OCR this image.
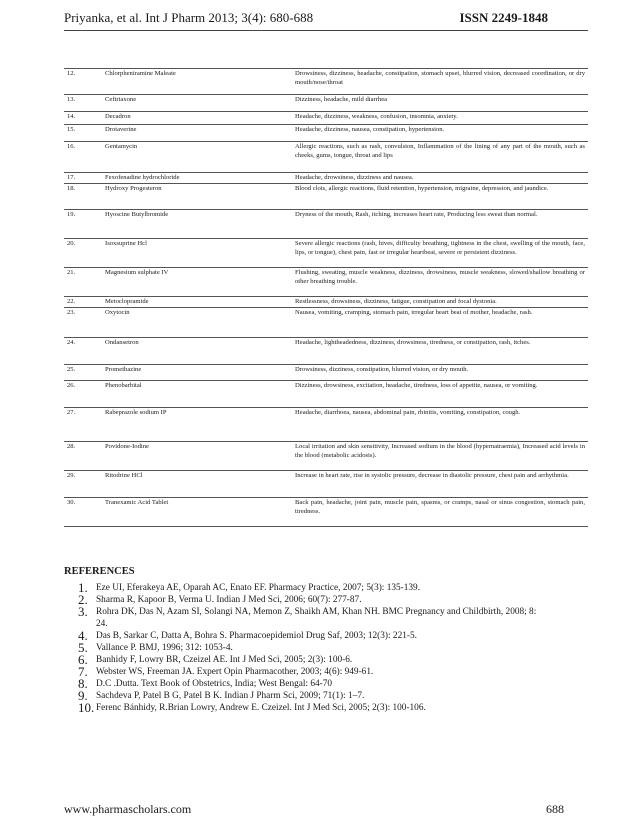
Priyanka, et al. Int J Pharm 2013; 3(4): 680-688	ISSN 2249-1848
12.	Chlorpheniramine Maleate	Drowsiness, dizziness, headache, constipation, stomach upset, blurred vision, decreased coordination, or dry mouth/nose/throat
13.	Ceftriaxone	Dizziness, headache, mild diarrhea
14.	Decadron	Headache, dizziness, weakness, confusion, insomnia, anxiety.
15.	Drotaverine	Headache, dizziness, nausea, constipation, hypertension.
16.	Gentamycin	Allergic reactions, such as rash, convulsion, Inflammation of the lining of any part of the mouth, such as cheeks, gums, tongue, throat and lips
17.	Fexofenadine hydrochloride	Headache, drowsiness, dizziness and nausea.
18.	Hydroxy Progesteron	Blood clots, allergic reactions, fluid retention, hypertension, migraine, depression, and jaundice.
19.	Hyoscine Butylbromide	Dryness of the mouth, Rash, itching, increases heart rate, Producing less sweat than normal.
20.	Isoxsuprine Hcl	Severe allergic reactions (rash, hives, difficulty breathing, tightness in the chest, swelling of the mouth, face, lips, or tongue), chest pain, fast or irregular heartbeat, severe or persistent dizziness.
21.	Magnesium sulphate IV	Flushing, sweating, muscle weakness, dizziness, drowsiness, muscle weakness, slowed/shallow breathing or other breathing trouble.
22.	Metoclopramide	Restlessness, drowsiness, dizziness, fatigue, constipation and focal dystonia.
23.	Oxytocin	Nausea, vomiting, cramping, stomach pain, irregular heart beat of mother, headache, rash.
24.	Ondansetron	Headache, lightheadedness, dizziness, drowsiness, tiredness, or constipation, rash, itches.
25.	Promethazine	Drowsiness, dizziness, constipation, blurred vision, or dry mouth.
26.	Phenobarbital	Dizziness, drowsiness, excitation, headache, tiredness, loss of appetite, nausea, or vomiting.
27.	Rabeprazole sodium IP	Headache, diarrhoea, nausea, abdominal pain, rhinitis, vomiting, constipation, cough.
28.	Povidone-Iodine	Local irritation and skin sensitivity, Increased sodium in the blood (hypernatraemia), Increased acid levels in the blood (metabolic acidosis).
29.	Ritodrine HCl	Increase in heart rate, rise in systolic pressure, decrease in diastolic pressure, chest pain and arrhythmia.
30.	Tranexamic Acid Tablet	Back pain, headache, joint pain, muscle pain, spasms, or cramps, nasal or sinus congestion, stomach pain, tiredness.
REFERENCES
1. Eze UI, Eferakeya AE, Oparah AC, Enato EF. Pharmacy Practice, 2007; 5(3): 135-139.
2. Sharma R, Kapoor B, Verma U. Indian J Med Sci, 2006; 60(7): 277-87.
3. Rohra DK, Das N, Azam SI, Solangi NA, Memon Z, Shaikh AM, Khan NH. BMC Pregnancy and Childbirth, 2008; 8: 24.
4. Das B, Sarkar C, Datta A, Bohra S. Pharmacoepidemiol Drug Saf, 2003; 12(3): 221-5.
5. Vallance P. BMJ, 1996; 312: 1053-4.
6. Banhidy F, Lowry BR, Czeizel AE. Int J Med Sci, 2005; 2(3): 100-6.
7. Webster WS, Freeman JA. Expert Opin Pharmacother, 2003; 4(6): 949-61.
8. D.C .Dutta. Text Book of Obstetrics, India; West Bengal: 64-70
9. Sachdeva P, Patel B G, Patel B K. Indian J Pharm Sci, 2009; 71(1): 1–7.
10. Ferenc Bánhidy, R.Brian Lowry, Andrew E. Czeizel. Int J Med Sci, 2005; 2(3): 100-106.
www.pharmascholars.com	688
